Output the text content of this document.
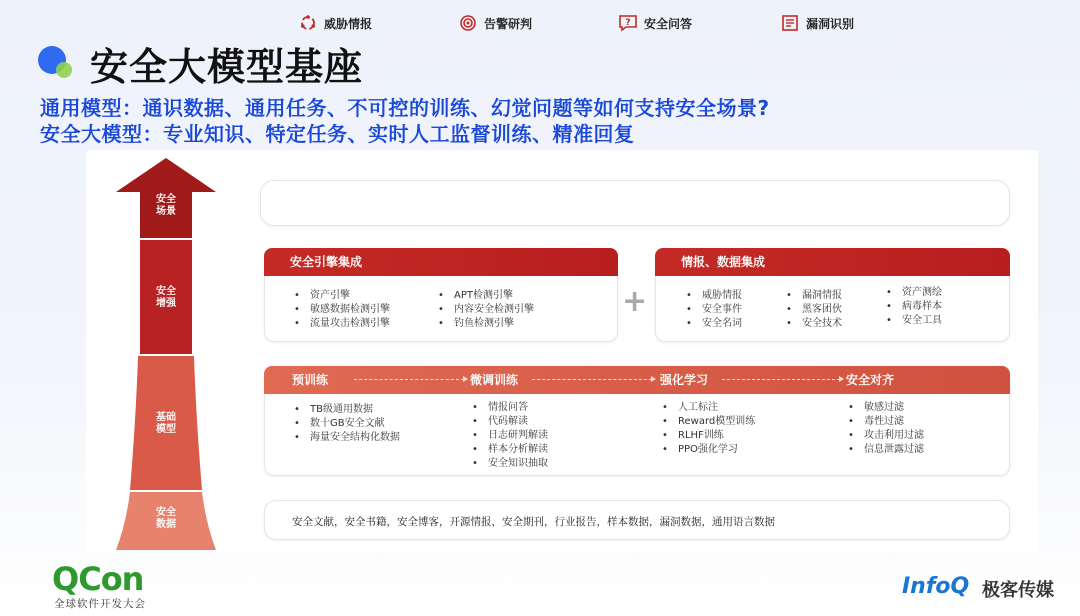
安全大模型基座
通用模型：通识数据、通用任务、不可控的训练、幻觉问题等如何支持安全场景?
安全大模型：专业知识、特定任务、实时人工监督训练、精准回复
安全
场景
安全
增强
基础
模型
安全
数据
威胁情报	告警研判	? 安全问答	漏洞识别
安全引擎集成
• 资产引擎
• 敏感数据检测引擎
• 流量攻击检测引擎
• APT检测引擎
• 内容安全检测引擎
• 钓鱼检测引擎
+
情报、数据集成
• 威胁情报
• 安全事件
• 安全名词
• 漏洞情报
• 黑客团伙
• 安全技术
• 资产测绘
• 病毒样本
• 安全工具
预训练	微调训练	强化学习	安全对齐
• TB级通用数据
• 数十GB安全文献
• 海量安全结构化数据
• 情报问答
• 代码解读
• 日志研判解读
• 样本分析解读
• 安全知识抽取
• 人工标注
• Reward模型训练
• RLHF训练
• PPO强化学习
• 敏感过滤
• 毒性过滤
• 攻击利用过滤
• 信息泄露过滤
安全文献，安全书籍，安全博客，开源情报，安全期刊，行业报告，样本数据，漏洞数据，通用语言数据
QCon
全球软件开发大会
InfoQ 极客传媒
